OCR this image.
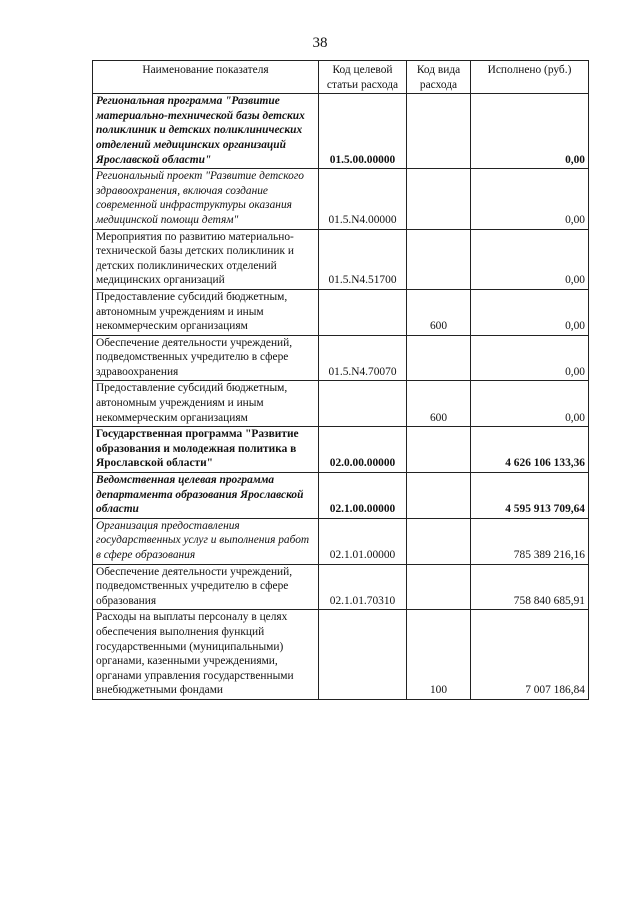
38
Наименование показателя	Код целевой статьи расхода	Код вида расхода	Исполнено (руб.)
Региональная программа "Развитие материально-технической базы детских поликлиник и детских поликлинических отделений медицинских организаций Ярославской области"	01.5.00.00000		0,00
Региональный проект "Развитие детского здравоохранения, включая создание современной инфраструктуры оказания медицинской помощи детям"	01.5.N4.00000		0,00
Мероприятия по развитию материально-технической базы детских поликлиник и детских поликлинических отделений медицинских организаций	01.5.N4.51700		0,00
Предоставление субсидий бюджетным, автономным учреждениям и иным некоммерческим организациям		600	0,00
Обеспечение деятельности учреждений, подведомственных учредителю в сфере здравоохранения	01.5.N4.70070		0,00
Предоставление субсидий бюджетным, автономным учреждениям и иным некоммерческим организациям		600	0,00
Государственная программа "Развитие образования и молодежная политика в Ярославской области"	02.0.00.00000		4 626 106 133,36
Ведомственная целевая программа департамента образования Ярославской области	02.1.00.00000		4 595 913 709,64
Организация предоставления государственных услуг и выполнения работ в сфере образования	02.1.01.00000		785 389 216,16
Обеспечение деятельности учреждений, подведомственных учредителю в сфере образования	02.1.01.70310		758 840 685,91
Расходы на выплаты персоналу в целях обеспечения выполнения функций государственными (муниципальными) органами, казенными учреждениями, органами управления государственными внебюджетными фондами		100	7 007 186,84
